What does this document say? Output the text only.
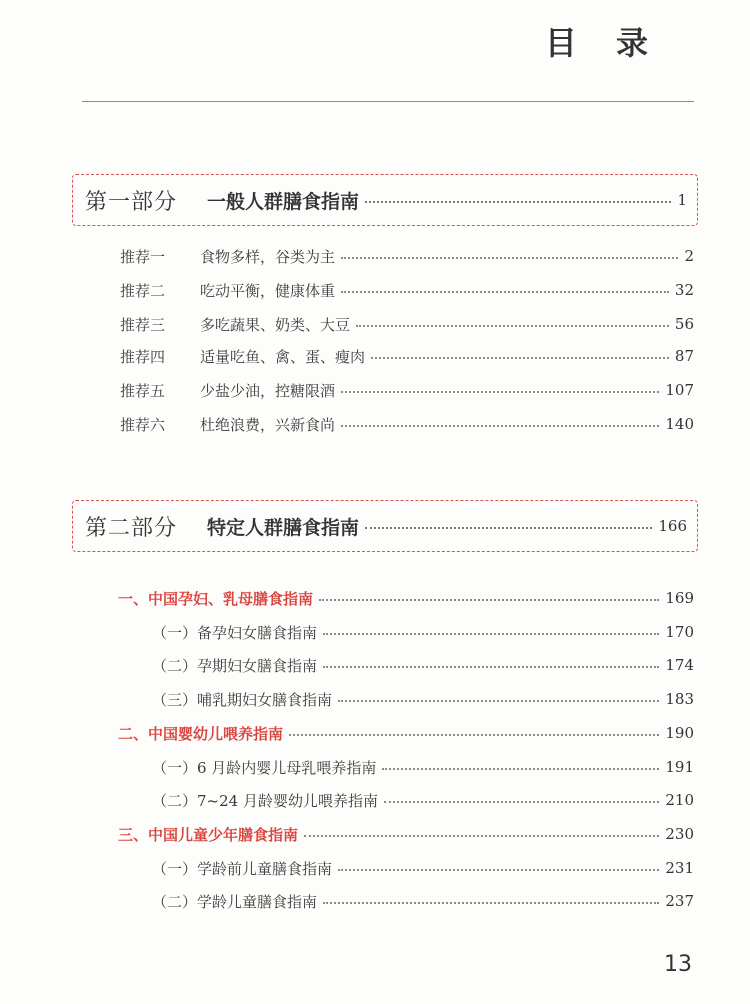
目 录
第一部分 一般人群膳食指南	1
推荐一	食物多样，谷类为主	2
推荐二	吃动平衡，健康体重	32
推荐三	多吃蔬果、奶类、大豆	56
推荐四	适量吃鱼、禽、蛋、瘦肉	87
推荐五	少盐少油，控糖限酒	107
推荐六	杜绝浪费，兴新食尚	140
第二部分 特定人群膳食指南	166
一、中国孕妇、乳母膳食指南	169
（一）备孕妇女膳食指南	170
（二）孕期妇女膳食指南	174
（三）哺乳期妇女膳食指南	183
二、中国婴幼儿喂养指南	190
（一）6 月龄内婴儿母乳喂养指南	191
（二）7~24 月龄婴幼儿喂养指南	210
三、中国儿童少年膳食指南	230
（一）学龄前儿童膳食指南	231
（二）学龄儿童膳食指南	237
13
